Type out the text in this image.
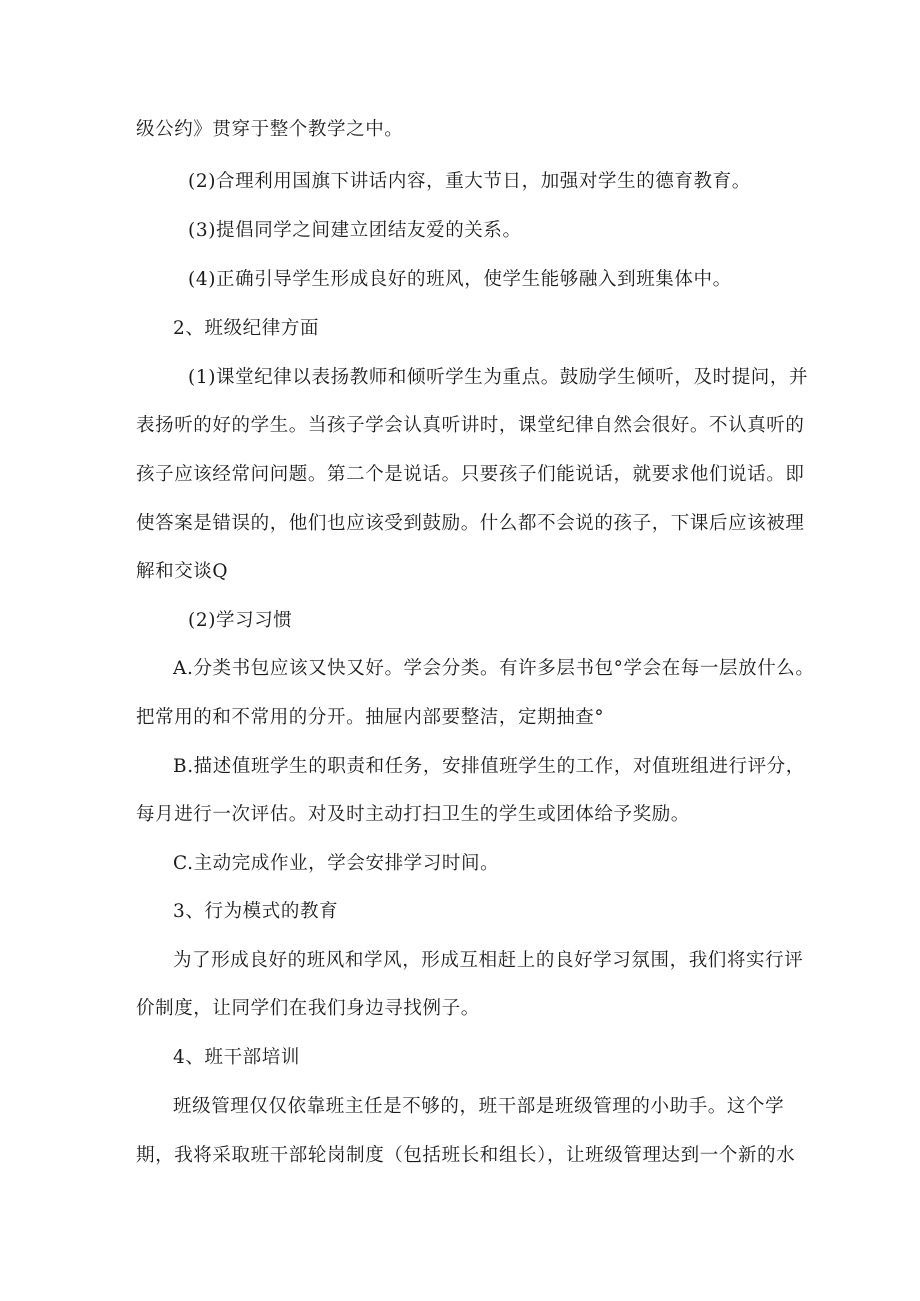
级公约》贯穿于整个教学之中。

(2)合理利用国旗下讲话内容，重大节日，加强对学生的德育教育。

(3)提倡同学之间建立团结友爱的关系。

(4)正确引导学生形成良好的班风，使学生能够融入到班集体中。

2、班级纪律方面

(1)课堂纪律以表扬教师和倾听学生为重点。鼓励学生倾听，及时提问，并

表扬听的好的学生。当孩子学会认真听讲时，课堂纪律自然会很好。不认真听的

孩子应该经常问问题。第二个是说话。只要孩子们能说话，就要求他们说话。即

使答案是错误的，他们也应该受到鼓励。什么都不会说的孩子，下课后应该被理

解和交谈Q

(2)学习习惯

A.分类书包应该又快又好。学会分类。有许多层书包°学会在每一层放什么。

把常用的和不常用的分开。抽屉内部要整洁，定期抽查°

B.描述值班学生的职责和任务，安排值班学生的工作，对值班组进行评分，

每月进行一次评估。对及时主动打扫卫生的学生或团体给予奖励。

C.主动完成作业，学会安排学习时间。

3、行为模式的教育

为了形成良好的班风和学风，形成互相赶上的良好学习氛围，我们将实行评

价制度，让同学们在我们身边寻找例子。

4、班干部培训

班级管理仅仅依靠班主任是不够的，班干部是班级管理的小助手。这个学

期，我将采取班干部轮岗制度（包括班长和组长），让班级管理达到一个新的水
